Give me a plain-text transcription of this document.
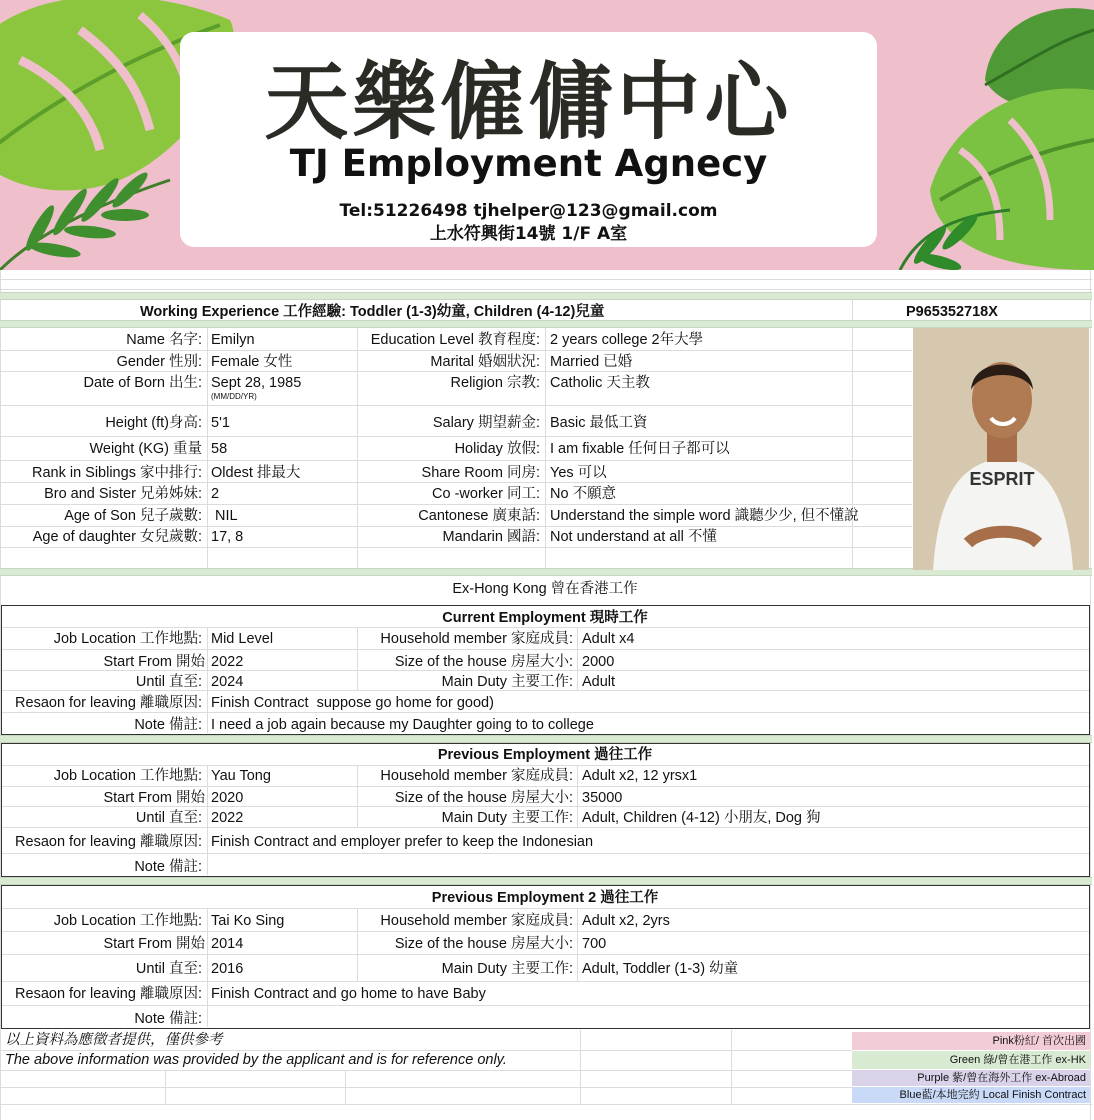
天樂僱傭中心
TJ Employment Agnecy
Tel:51226498 tjhelper@123@gmail.com
上水符興街14號 1/F A室
Working Experience 工作經驗: Toddler (1-3)幼童, Children (4-12)兒童	P965352718X
Name 名字: Emilyn
Gender 性別: Female 女性
Date of Born 出生: Sept 28, 1985
(MM/DD/YR)
Height (ft)身高: 5'1
Weight (KG) 重量 58
Rank in Siblings 家中排行: Oldest 排最大
Bro and Sister 兄弟姊妹: 2
Age of Son 兒子歲數: NIL
Age of daughter 女兒歲數: 17, 8
Education Level 教育程度: 2 years college 2年大學
Marital 婚姻狀況: Married 已婚
Religion 宗教: Catholic 天主教
Salary 期望薪金: Basic 最低工資
Holiday 放假: I am fixable 任何日子都可以
Share Room 同房: Yes 可以
Co -worker 同工: No 不願意
Cantonese 廣東話: Understand the simple word 識聽少少, 但不懂說
Mandarin 國語: Not understand at all 不懂
ESPRIT
Ex-Hong Kong 曾在香港工作
Current Employment 現時工作
Job Location 工作地點: Mid Level
Start From 開始 2022
Until 直至: 2024
Resaon for leaving 離職原因: Finish Contract  suppose go home for good)
Note 備註: I need a job again because my Daughter going to to college
Household member 家庭成員: Adult x4
Size of the house 房屋大小: 2000
Main Duty 主要工作: Adult
Previous Employment 過往工作
Job Location 工作地點: Yau Tong
Start From 開始 2020
Until 直至: 2022
Resaon for leaving 離職原因: Finish Contract and employer prefer to keep the Indonesian
Note 備註:
Household member 家庭成員: Adult x2, 12 yrsx1
Size of the house 房屋大小: 35000
Main Duty 主要工作: Adult, Children (4-12) 小朋友, Dog 狗
Previous Employment 2 過往工作
Job Location 工作地點: Tai Ko Sing
Start From 開始 2014
Until 直至: 2016
Resaon for leaving 離職原因: Finish Contract and go home to have Baby
Note 備註:
Household member 家庭成員: Adult x2, 2yrs
Size of the house 房屋大小: 700
Main Duty 主要工作: Adult, Toddler (1-3) 幼童
以上資料為應徵者提供，僅供參考
The above information was provided by the applicant and is for reference only.
Pink粉紅/ 首次出國
Green 綠/曾在港工作 ex-HK
Purple 紫/曾在海外工作 ex-Abroad
Blue藍/本地完約 Local Finish Contract
